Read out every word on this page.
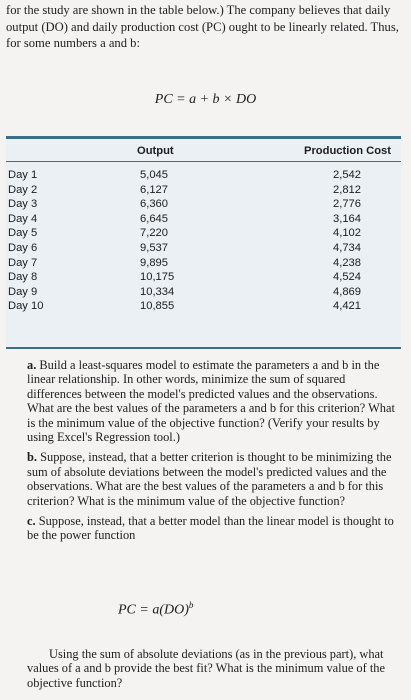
for the study are shown in the table below.) The company believes that daily output (DO) and daily production cost (PC) ought to be linearly related. Thus, for some numbers a and b:
PC = a + b × DO
	Output	Production Cost
Day 1	5,045	2,542
Day 2	6,127	2,812
Day 3	6,360	2,776
Day 4	6,645	3,164
Day 5	7,220	4,102
Day 6	9,537	4,734
Day 7	9,895	4,238
Day 8	10,175	4,524
Day 9	10,334	4,869
Day 10	10,855	4,421

a. Build a least-squares model to estimate the parameters a and b in the linear relationship. In other words, minimize the sum of squared differences between the model's predicted values and the observations. What are the best values of the parameters a and b for this criterion? What is the minimum value of the objective function? (Verify your results by using Excel's Regression tool.)

b. Suppose, instead, that a better criterion is thought to be minimizing the sum of absolute deviations between the model's predicted values and the observations. What are the best values of the parameters a and b for this criterion? What is the minimum value of the objective function?

c. Suppose, instead, that a better model than the linear model is thought to be the power function

PC = a(DO)$^b$
Using the sum of absolute deviations (as in the previous part), what values of a and b provide the best fit? What is the minimum value of the objective function?
